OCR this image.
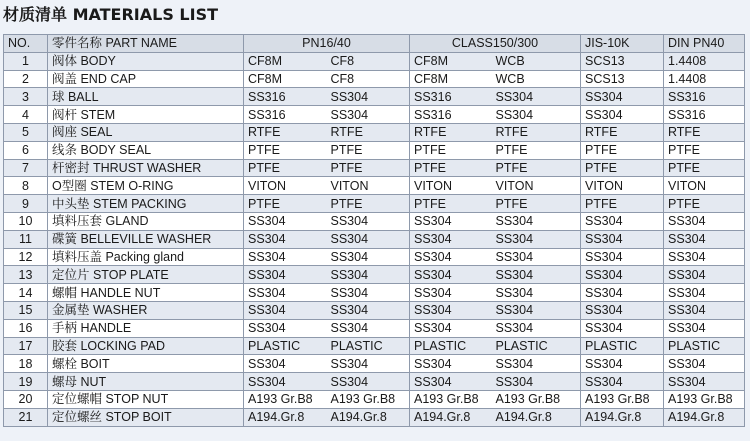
材质清单 MATERIALS LIST
NO.	零件名称 PART NAME	PN16/40		CLASS150/300		JIS-10K	DIN PN40
1	阀体 BODY	CF8M	CF8	CF8M	WCB	SCS13	1.4408
2	阀盖 END CAP	CF8M	CF8	CF8M	WCB	SCS13	1.4408
3	球 BALL	SS316	SS304	SS316	SS304	SS304	SS316
4	阀杆 STEM	SS316	SS304	SS316	SS304	SS304	SS316
5	阀座 SEAL	RTFE	RTFE	RTFE	RTFE	RTFE	RTFE
6	线条 BODY SEAL	PTFE	PTFE	PTFE	PTFE	PTFE	PTFE
7	杆密封 THRUST WASHER	PTFE	PTFE	PTFE	PTFE	PTFE	PTFE
8	O型圈 STEM O-RING	VITON	VITON	VITON	VITON	VITON	VITON
9	中头垫 STEM PACKING	PTFE	PTFE	PTFE	PTFE	PTFE	PTFE
10	填料压套 GLAND	SS304	SS304	SS304	SS304	SS304	SS304
11	碟簧 BELLEVILLE WASHER	SS304	SS304	SS304	SS304	SS304	SS304
12	填料压盖 Packing gland	SS304	SS304	SS304	SS304	SS304	SS304
13	定位片 STOP PLATE	SS304	SS304	SS304	SS304	SS304	SS304
14	螺帽 HANDLE NUT	SS304	SS304	SS304	SS304	SS304	SS304
15	金属垫 WASHER	SS304	SS304	SS304	SS304	SS304	SS304
16	手柄 HANDLE	SS304	SS304	SS304	SS304	SS304	SS304
17	胶套 LOCKING PAD	PLASTIC	PLASTIC	PLASTIC	PLASTIC	PLASTIC	PLASTIC
18	螺栓 BOIT	SS304	SS304	SS304	SS304	SS304	SS304
19	螺母 NUT	SS304	SS304	SS304	SS304	SS304	SS304
20	定位螺帽 STOP NUT	A193 Gr.B8	A193 Gr.B8	A193 Gr.B8	A193 Gr.B8	A193 Gr.B8	A193 Gr.B8
21	定位螺丝 STOP BOIT	A194.Gr.8	A194.Gr.8	A194.Gr.8	A194.Gr.8	A194.Gr.8	A194.Gr.8
